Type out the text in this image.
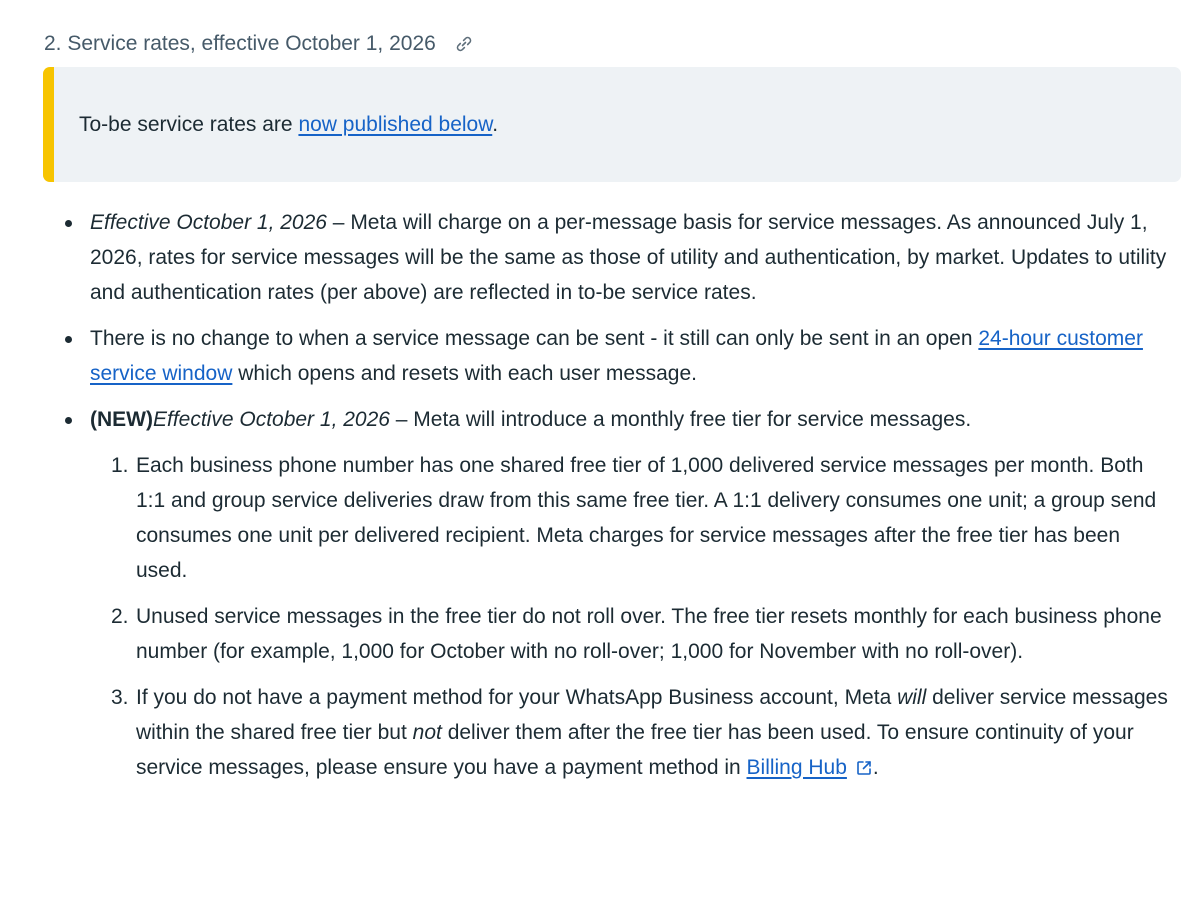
2. Service rates, effective October 1, 2026
To-be service rates are now published below.
Effective October 1, 2026 – Meta will charge on a per-message basis for service messages. As announced July 1, 2026, rates for service messages will be the same as those of utility and authentication, by market. Updates to utility and authentication rates (per above) are reflected in to-be service rates.
There is no change to when a service message can be sent - it still can only be sent in an open 24-hour customer service window which opens and resets with each user message.
(NEW)Effective October 1, 2026 – Meta will introduce a monthly free tier for service messages.
1. Each business phone number has one shared free tier of 1,000 delivered service messages per month. Both 1:1 and group service deliveries draw from this same free tier. A 1:1 delivery consumes one unit; a group send consumes one unit per delivered recipient. Meta charges for service messages after the free tier has been used.
2. Unused service messages in the free tier do not roll over. The free tier resets monthly for each business phone number (for example, 1,000 for October with no roll-over; 1,000 for November with no roll-over).
3. If you do not have a payment method for your WhatsApp Business account, Meta will deliver service messages within the shared free tier but not deliver them after the free tier has been used. To ensure continuity of your service messages, please ensure you have a payment method in Billing Hub .
